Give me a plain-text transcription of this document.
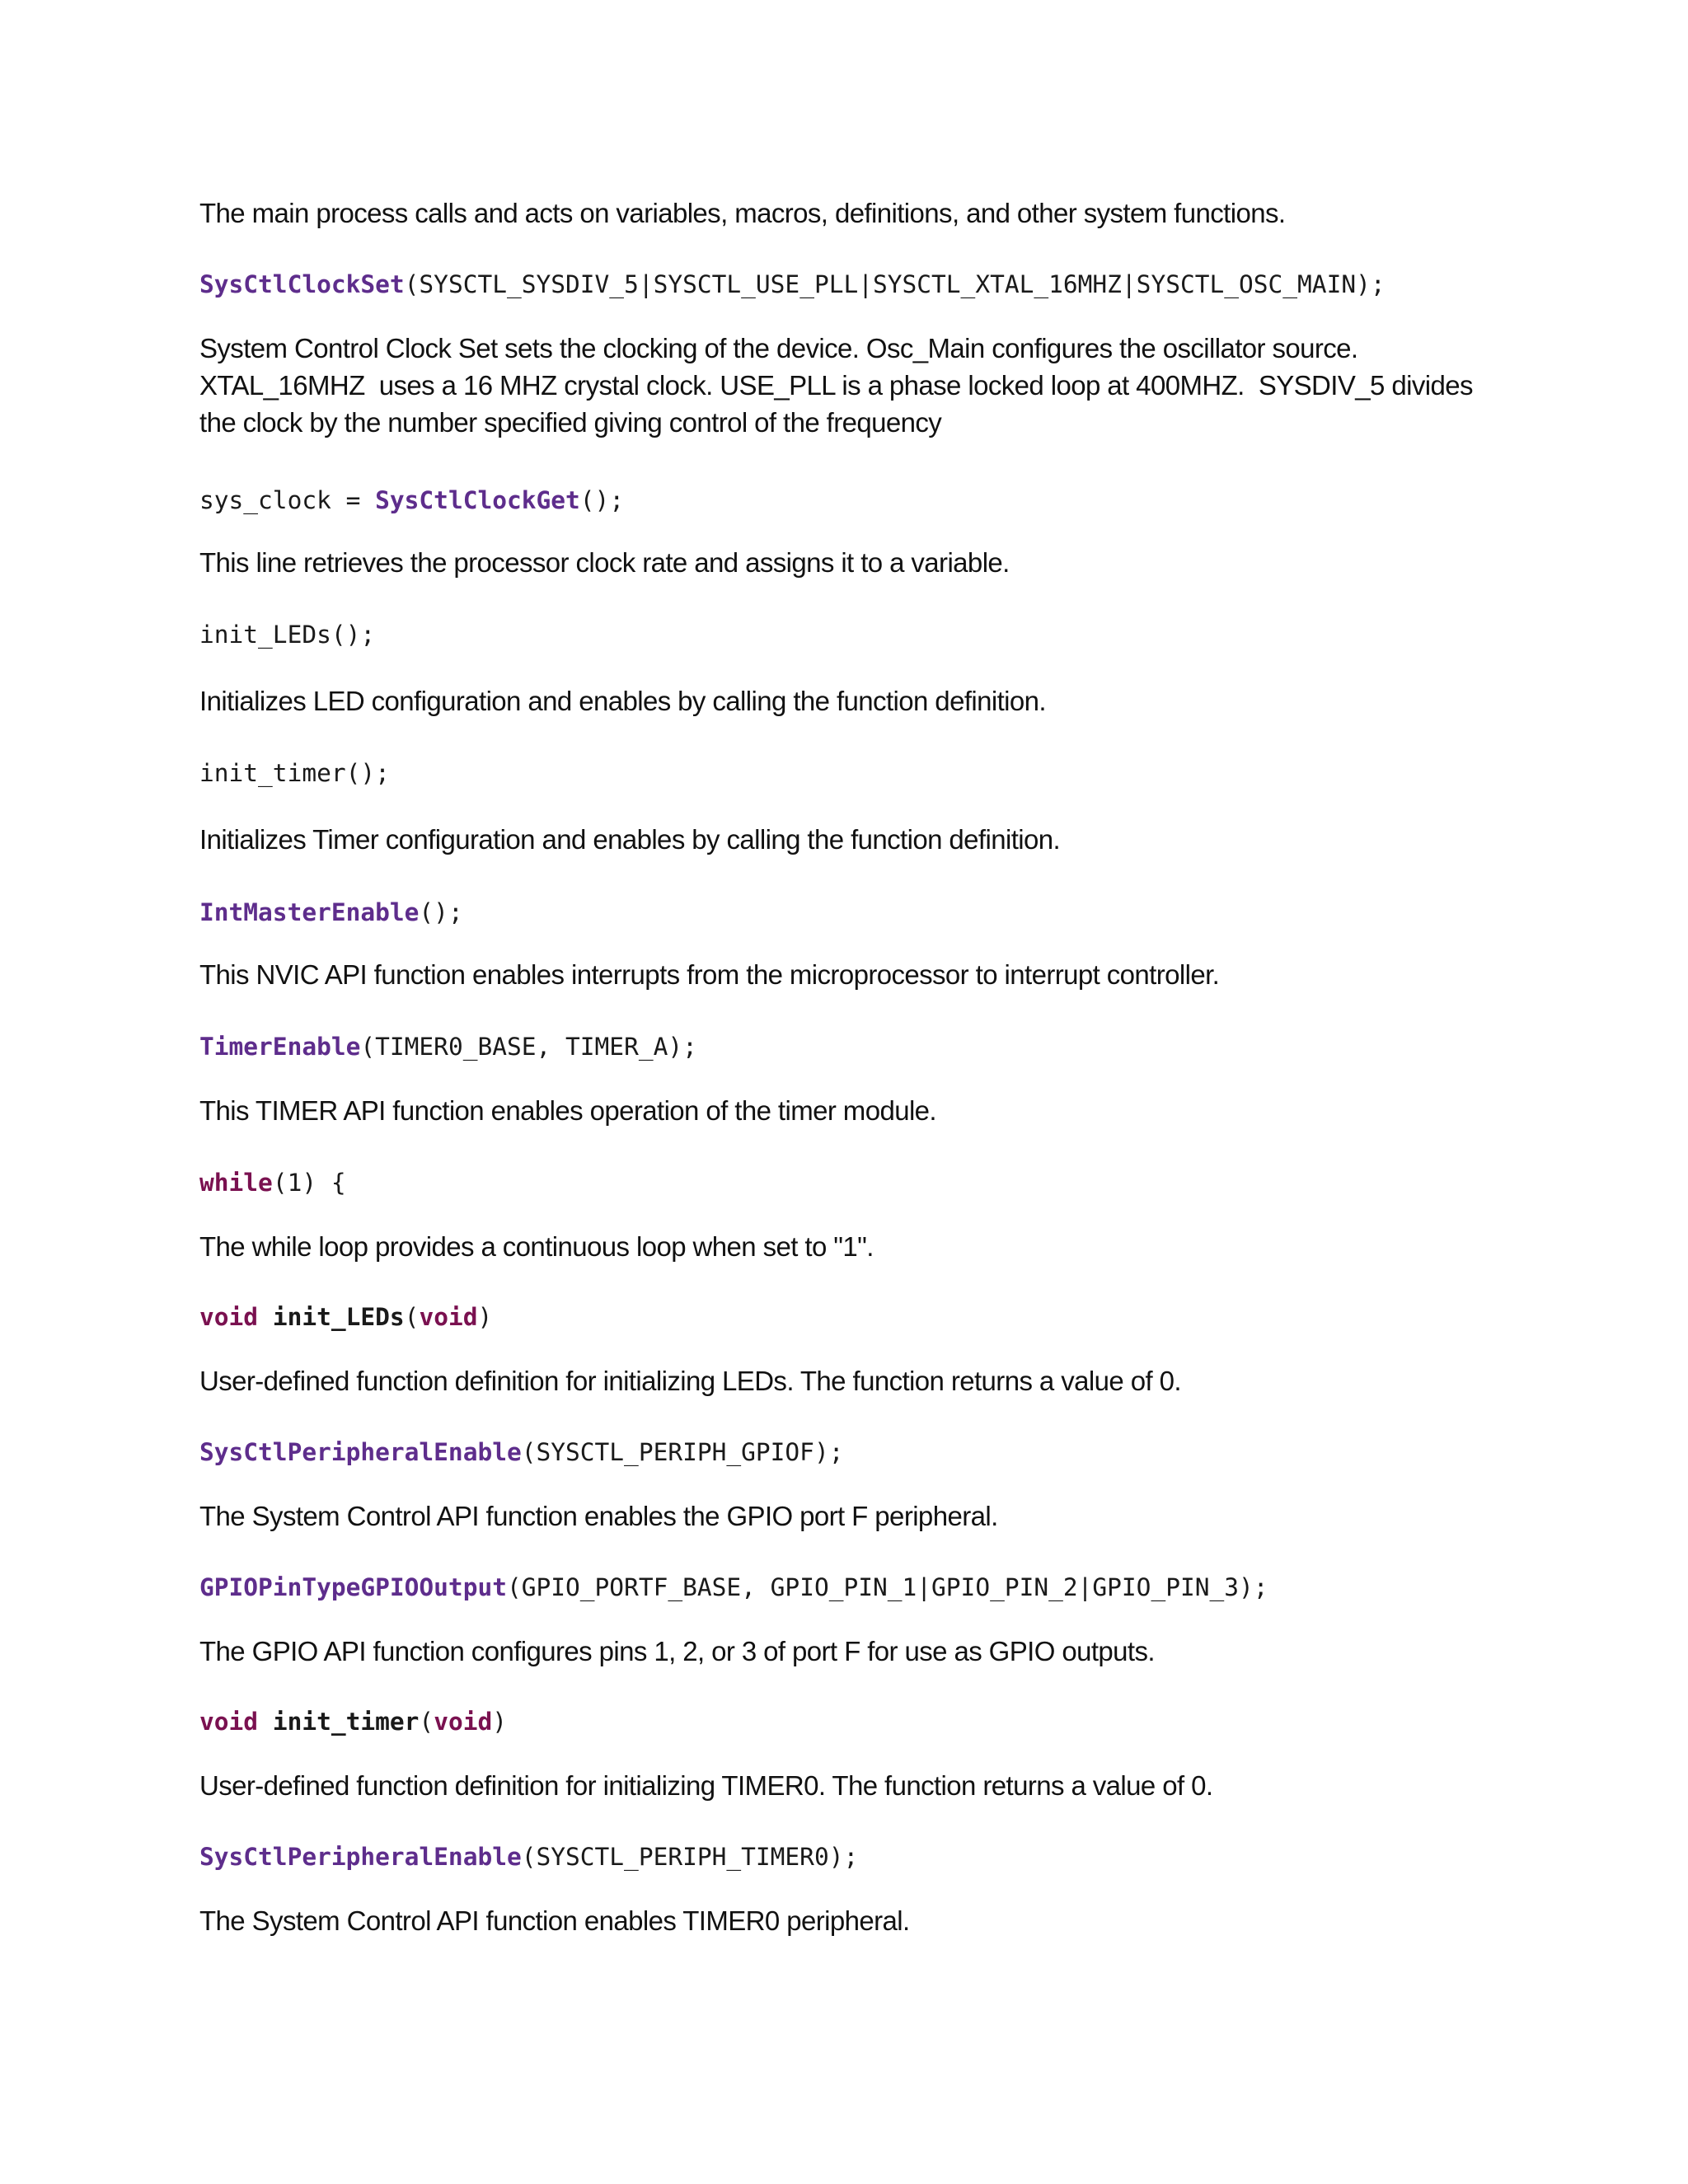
The main process calls and acts on variables, macros, definitions, and other system functions.
SysCtlClockSet(SYSCTL_SYSDIV_5|SYSCTL_USE_PLL|SYSCTL_XTAL_16MHZ|SYSCTL_OSC_MAIN);
System Control Clock Set sets the clocking of the device. Osc_Main configures the oscillator source.
XTAL_16MHZ  uses a 16 MHZ crystal clock. USE_PLL is a phase locked loop at 400MHZ.  SYSDIV_5 divides
the clock by the number specified giving control of the frequency
sys_clock = SysCtlClockGet();
This line retrieves the processor clock rate and assigns it to a variable.
init_LEDs();
Initializes LED configuration and enables by calling the function definition.
init_timer();
Initializes Timer configuration and enables by calling the function definition.
IntMasterEnable();
This NVIC API function enables interrupts from the microprocessor to interrupt controller.
TimerEnable(TIMER0_BASE, TIMER_A);
This TIMER API function enables operation of the timer module.
while(1) {
The while loop provides a continuous loop when set to "1".
void init_LEDs(void)
User-defined function definition for initializing LEDs. The function returns a value of 0.
SysCtlPeripheralEnable(SYSCTL_PERIPH_GPIOF);
The System Control API function enables the GPIO port F peripheral.
GPIOPinTypeGPIOOutput(GPIO_PORTF_BASE, GPIO_PIN_1|GPIO_PIN_2|GPIO_PIN_3);
The GPIO API function configures pins 1, 2, or 3 of port F for use as GPIO outputs.
void init_timer(void)
User-defined function definition for initializing TIMER0. The function returns a value of 0.
SysCtlPeripheralEnable(SYSCTL_PERIPH_TIMER0);
The System Control API function enables TIMER0 peripheral.
